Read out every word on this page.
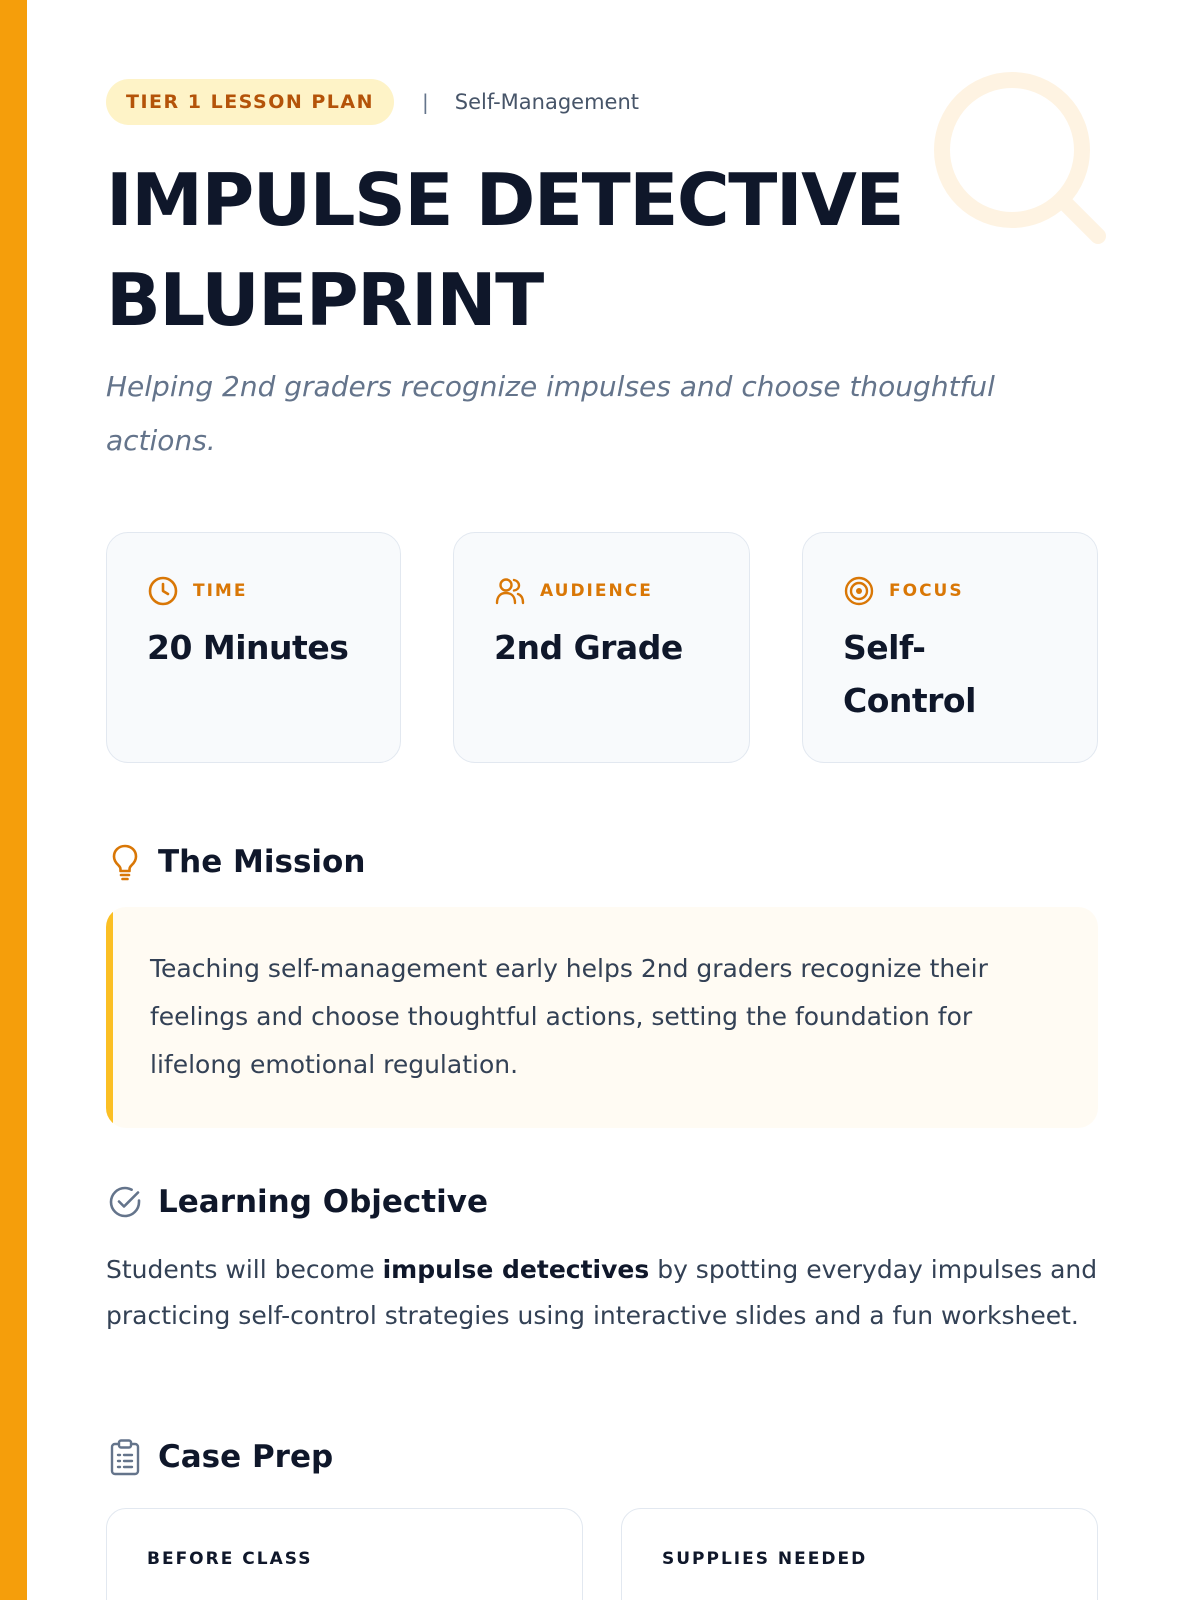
TIER 1 LESSON PLAN	| Self-Management
IMPULSE DETECTIVE
BLUEPRINT

Helping 2nd graders recognize impulses and choose thoughtful actions.

TIME
20 Minutes
AUDIENCE
2nd Grade
FOCUS
Self-Control
The Mission

Teaching self-management early helps 2nd graders recognize their feelings and choose thoughtful actions, setting the foundation for lifelong emotional regulation.

Learning Objective

Students will become impulse detectives by spotting everyday impulses and practicing self-control strategies using interactive slides and a fun worksheet.

Case Prep
BEFORE CLASS	SUPPLIES NEEDED
